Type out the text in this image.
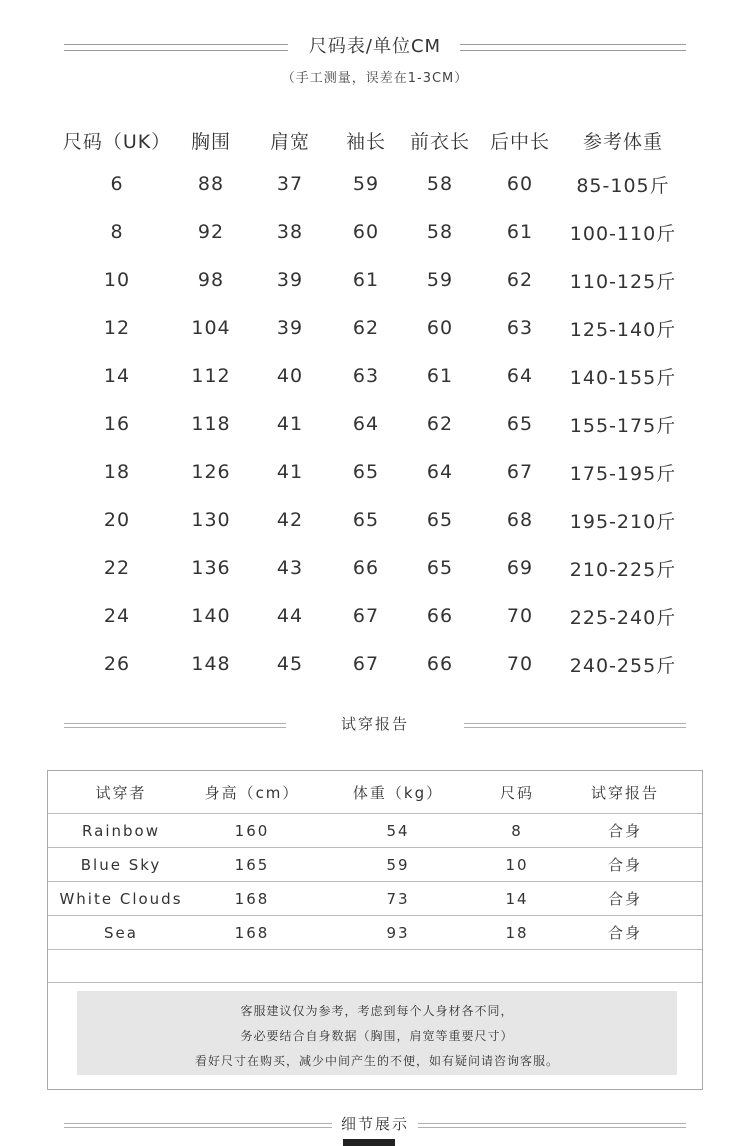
尺码表/单位CM
（手工测量，误差在1-3CM）
尺码（UK）	胸围	肩宽	袖长	前衣长	后中长	参考体重
6	88	37	59	58	60	85-105斤
8	92	38	60	58	61	100-110斤
10	98	39	61	59	62	110-125斤
12	104	39	62	60	63	125-140斤
14	112	40	63	61	64	140-155斤
16	118	41	64	62	65	155-175斤
18	126	41	65	64	67	175-195斤
20	130	42	65	65	68	195-210斤
22	136	43	66	65	69	210-225斤
24	140	44	67	66	70	225-240斤
26	148	45	67	66	70	240-255斤
试穿报告
试穿者	身高（cm）	体重（kg）	尺码	试穿报告
Rainbow	160	54	8	合身
Blue Sky	165	59	10	合身
White Clouds	168	73	14	合身
Sea	168	93	18	合身

客服建议仅为参考，考虑到每个人身材各不同，
务必要结合自身数据（胸围，肩宽等重要尺寸）
看好尺寸在购买，减少中间产生的不便，如有疑问请咨询客服。
细节展示
